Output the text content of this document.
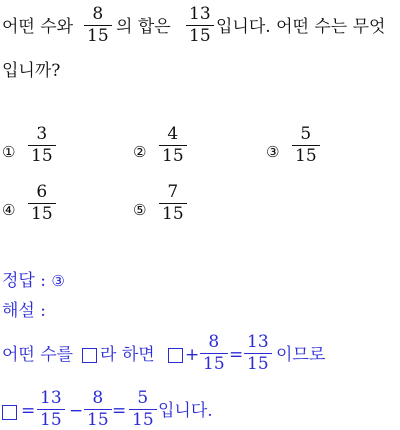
어떤 수와
8
15 의 합은
13
15 입니다. 어떤 수는 무엇
입니까?
①
3
15	②
4
15	③
5
15
④
6
15	⑤
7
15
정답 : ③
해설 :
어떤 수를 라 하면 +
8
15 =
13
15 이므로
=
13
15 −
8
15 =
5
15 입니다.
